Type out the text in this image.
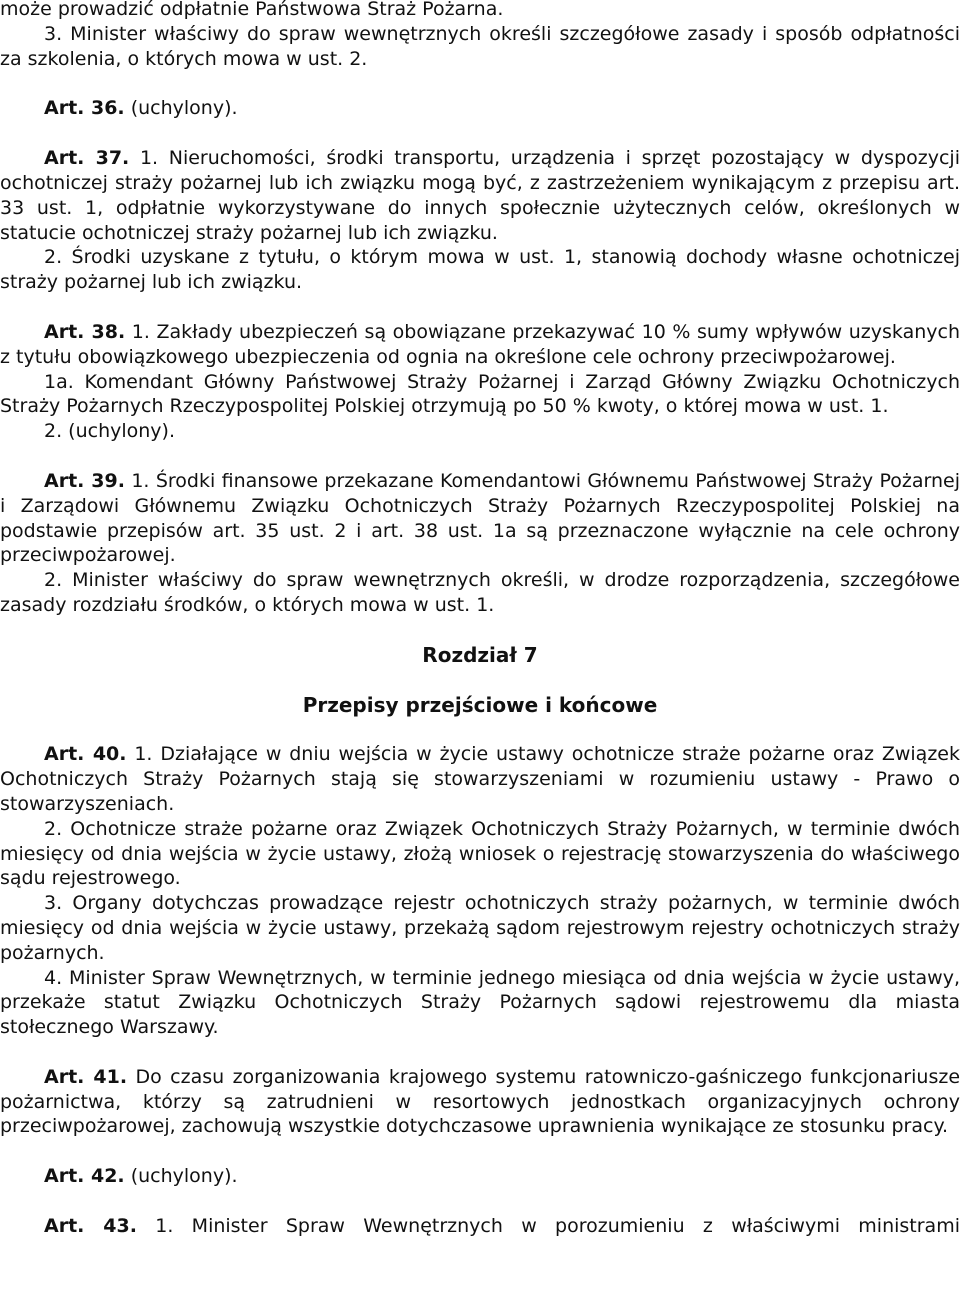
może prowadzić odpłatnie Państwowa Straż Pożarna.

3. Minister właściwy do spraw wewnętrznych określi szczegółowe zasady i sposób odpłatności za szkolenia, o których mowa w ust. 2.

Art. 36. (uchylony).

Art. 37. 1. Nieruchomości, środki transportu, urządzenia i sprzęt pozostający w dyspozycji ochotniczej straży pożarnej lub ich związku mogą być, z zastrzeżeniem wynikającym z przepisu art. 33 ust. 1, odpłatnie wykorzystywane do innych społecznie użytecznych celów, określonych w statucie ochotniczej straży pożarnej lub ich związku.

2. Środki uzyskane z tytułu, o którym mowa w ust. 1, stanowią dochody własne ochotniczej straży pożarnej lub ich związku.

Art. 38. 1. Zakłady ubezpieczeń są obowiązane przekazywać 10 % sumy wpływów uzyskanych z tytułu obowiązkowego ubezpieczenia od ognia na określone cele ochrony przeciwpożarowej.

1a. Komendant Główny Państwowej Straży Pożarnej i Zarząd Główny Związku Ochotniczych Straży Pożarnych Rzeczypospolitej Polskiej otrzymują po 50 % kwoty, o której mowa w ust. 1.

2. (uchylony).

Art. 39. 1. Środki finansowe przekazane Komendantowi Głównemu Państwowej Straży Pożarnej i Zarządowi Głównemu Związku Ochotniczych Straży Pożarnych Rzeczypospolitej Polskiej na podstawie przepisów art. 35 ust. 2 i art. 38 ust. 1a są przeznaczone wyłącznie na cele ochrony przeciwpożarowej.

2. Minister właściwy do spraw wewnętrznych określi, w drodze rozporządzenia, szczegółowe zasady rozdziału środków, o których mowa w ust. 1.

Rozdział 7

Przepisy przejściowe i końcowe

Art. 40. 1. Działające w dniu wejścia w życie ustawy ochotnicze straże pożarne oraz Związek Ochotniczych Straży Pożarnych stają się stowarzyszeniami w rozumieniu ustawy - Prawo o stowarzyszeniach.

2. Ochotnicze straże pożarne oraz Związek Ochotniczych Straży Pożarnych, w terminie dwóch miesięcy od dnia wejścia w życie ustawy, złożą wniosek o rejestrację stowarzyszenia do właściwego sądu rejestrowego.

3. Organy dotychczas prowadzące rejestr ochotniczych straży pożarnych, w terminie dwóch miesięcy od dnia wejścia w życie ustawy, przekażą sądom rejestrowym rejestry ochotniczych straży pożarnych.

4. Minister Spraw Wewnętrznych, w terminie jednego miesiąca od dnia wejścia w życie ustawy, przekaże statut Związku Ochotniczych Straży Pożarnych sądowi rejestrowemu dla miasta stołecznego Warszawy.

Art. 41. Do czasu zorganizowania krajowego systemu ratowniczo-gaśniczego funkcjonariusze pożarnictwa, którzy są zatrudnieni w resortowych jednostkach organizacyjnych ochrony przeciwpożarowej, zachowują wszystkie dotychczasowe uprawnienia wynikające ze stosunku pracy.

Art. 42. (uchylony).

Art. 43. 1. Minister Spraw Wewnętrznych w porozumieniu z właściwymi ministrami
